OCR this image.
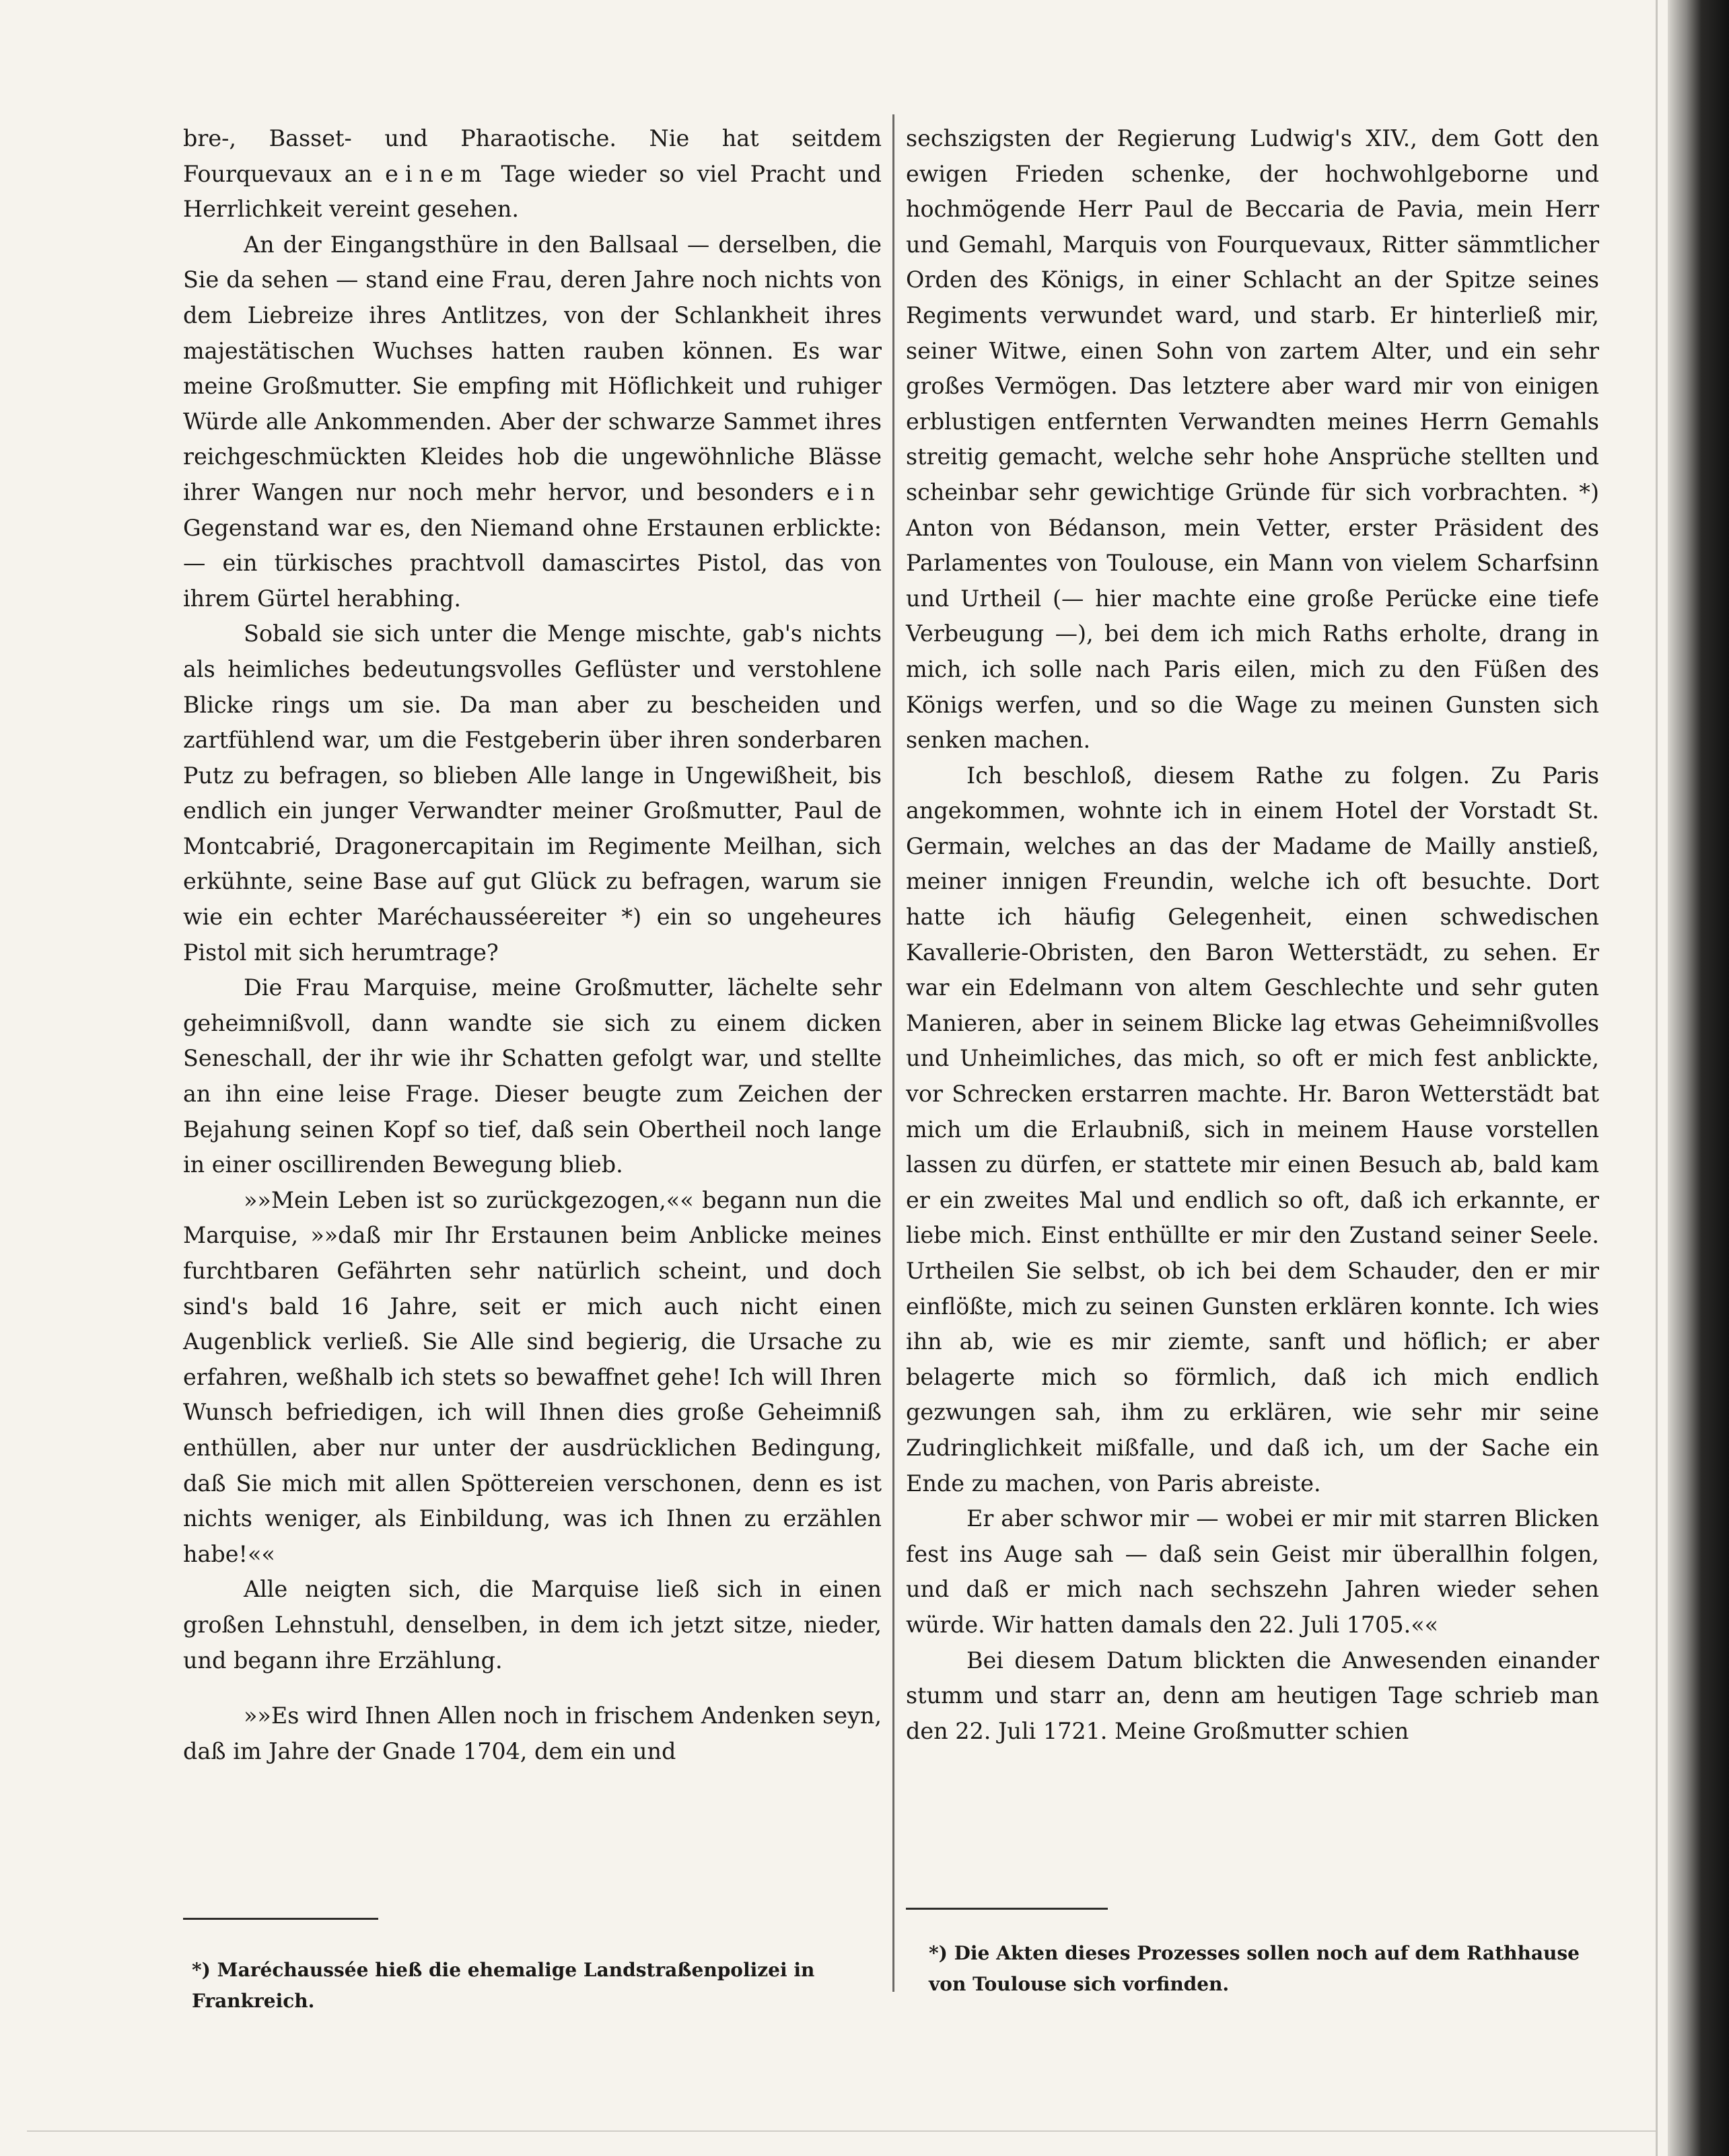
bre-, Basset- und Pharaotische. Nie hat seitdem Fourquevaux an einem Tage wieder so viel Pracht und Herrlichkeit vereint gesehen.

An der Eingangsthüre in den Ballsaal — derselben, die Sie da sehen — stand eine Frau, deren Jahre noch nichts von dem Liebreize ihres Antlitzes, von der Schlankheit ihres majestätischen Wuchses hatten rauben können. Es war meine Großmutter. Sie empfing mit Höflichkeit und ruhiger Würde alle Ankommenden. Aber der schwarze Sammet ihres reichgeschmückten Kleides hob die ungewöhnliche Blässe ihrer Wangen nur noch mehr hervor, und besonders ein Gegenstand war es, den Niemand ohne Erstaunen erblickte: — ein türkisches prachtvoll damascirtes Pistol, das von ihrem Gürtel herabhing.

Sobald sie sich unter die Menge mischte, gab's nichts als heimliches bedeutungsvolles Geflüster und verstohlene Blicke rings um sie. Da man aber zu bescheiden und zartfühlend war, um die Festgeberin über ihren sonderbaren Putz zu befragen, so blieben Alle lange in Ungewißheit, bis endlich ein junger Verwandter meiner Großmutter, Paul de Montcabrié, Dragonercapitain im Regimente Meilhan, sich erkühnte, seine Base auf gut Glück zu befragen, warum sie wie ein echter Maréchausséereiter *) ein so ungeheures Pistol mit sich herumtrage?

Die Frau Marquise, meine Großmutter, lächelte sehr geheimnißvoll, dann wandte sie sich zu einem dicken Seneschall, der ihr wie ihr Schatten gefolgt war, und stellte an ihn eine leise Frage. Dieser beugte zum Zeichen der Bejahung seinen Kopf so tief, daß sein Obertheil noch lange in einer oscillirenden Bewegung blieb.

»»Mein Leben ist so zurückgezogen,«« begann nun die Marquise, »»daß mir Ihr Erstaunen beim Anblicke meines furchtbaren Gefährten sehr natürlich scheint, und doch sind's bald 16 Jahre, seit er mich auch nicht einen Augenblick verließ. Sie Alle sind begierig, die Ursache zu erfahren, weßhalb ich stets so bewaffnet gehe! Ich will Ihren Wunsch befriedigen, ich will Ihnen dies große Geheimniß enthüllen, aber nur unter der ausdrücklichen Bedingung, daß Sie mich mit allen Spöttereien verschonen, denn es ist nichts weniger, als Einbildung, was ich Ihnen zu erzählen habe!««

Alle neigten sich, die Marquise ließ sich in einen großen Lehnstuhl, denselben, in dem ich jetzt sitze, nieder, und begann ihre Erzählung.

»»Es wird Ihnen Allen noch in frischem Andenken seyn, daß im Jahre der Gnade 1704, dem ein und

sechszigsten der Regierung Ludwig's XIV., dem Gott den ewigen Frieden schenke, der hochwohlgeborne und hochmögende Herr Paul de Beccaria de Pavia, mein Herr und Gemahl, Marquis von Fourquevaux, Ritter sämmtlicher Orden des Königs, in einer Schlacht an der Spitze seines Regiments verwundet ward, und starb. Er hinterließ mir, seiner Witwe, einen Sohn von zartem Alter, und ein sehr großes Vermögen. Das letztere aber ward mir von einigen erblustigen entfernten Verwandten meines Herrn Gemahls streitig gemacht, welche sehr hohe Ansprüche stellten und scheinbar sehr gewichtige Gründe für sich vorbrachten. *) Anton von Bédanson, mein Vetter, erster Präsident des Parlamentes von Toulouse, ein Mann von vielem Scharfsinn und Urtheil (— hier machte eine große Perücke eine tiefe Verbeugung —), bei dem ich mich Raths erholte, drang in mich, ich solle nach Paris eilen, mich zu den Füßen des Königs werfen, und so die Wage zu meinen Gunsten sich senken machen.

Ich beschloß, diesem Rathe zu folgen. Zu Paris angekommen, wohnte ich in einem Hotel der Vorstadt St. Germain, welches an das der Madame de Mailly anstieß, meiner innigen Freundin, welche ich oft besuchte. Dort hatte ich häufig Gelegenheit, einen schwedischen Kavallerie-Obristen, den Baron Wetterstädt, zu sehen. Er war ein Edelmann von altem Geschlechte und sehr guten Manieren, aber in seinem Blicke lag etwas Geheimnißvolles und Unheimliches, das mich, so oft er mich fest anblickte, vor Schrecken erstarren machte. Hr. Baron Wetterstädt bat mich um die Erlaubniß, sich in meinem Hause vorstellen lassen zu dürfen, er stattete mir einen Besuch ab, bald kam er ein zweites Mal und endlich so oft, daß ich erkannte, er liebe mich. Einst enthüllte er mir den Zustand seiner Seele. Urtheilen Sie selbst, ob ich bei dem Schauder, den er mir einflößte, mich zu seinen Gunsten erklären konnte. Ich wies ihn ab, wie es mir ziemte, sanft und höflich; er aber belagerte mich so förmlich, daß ich mich endlich gezwungen sah, ihm zu erklären, wie sehr mir seine Zudringlichkeit mißfalle, und daß ich, um der Sache ein Ende zu machen, von Paris abreiste.

Er aber schwor mir — wobei er mir mit starren Blicken fest ins Auge sah — daß sein Geist mir überallhin folgen, und daß er mich nach sechszehn Jahren wieder sehen würde. Wir hatten damals den 22. Juli 1705.««

Bei diesem Datum blickten die Anwesenden einander stumm und starr an, denn am heutigen Tage schrieb man den 22. Juli 1721. Meine Großmutter schien

*) Maréchaussée hieß die ehemalige Landstraßenpolizei in Frankreich.
*) Die Akten dieses Prozesses sollen noch auf dem Rathhause von Toulouse sich vorfinden.
